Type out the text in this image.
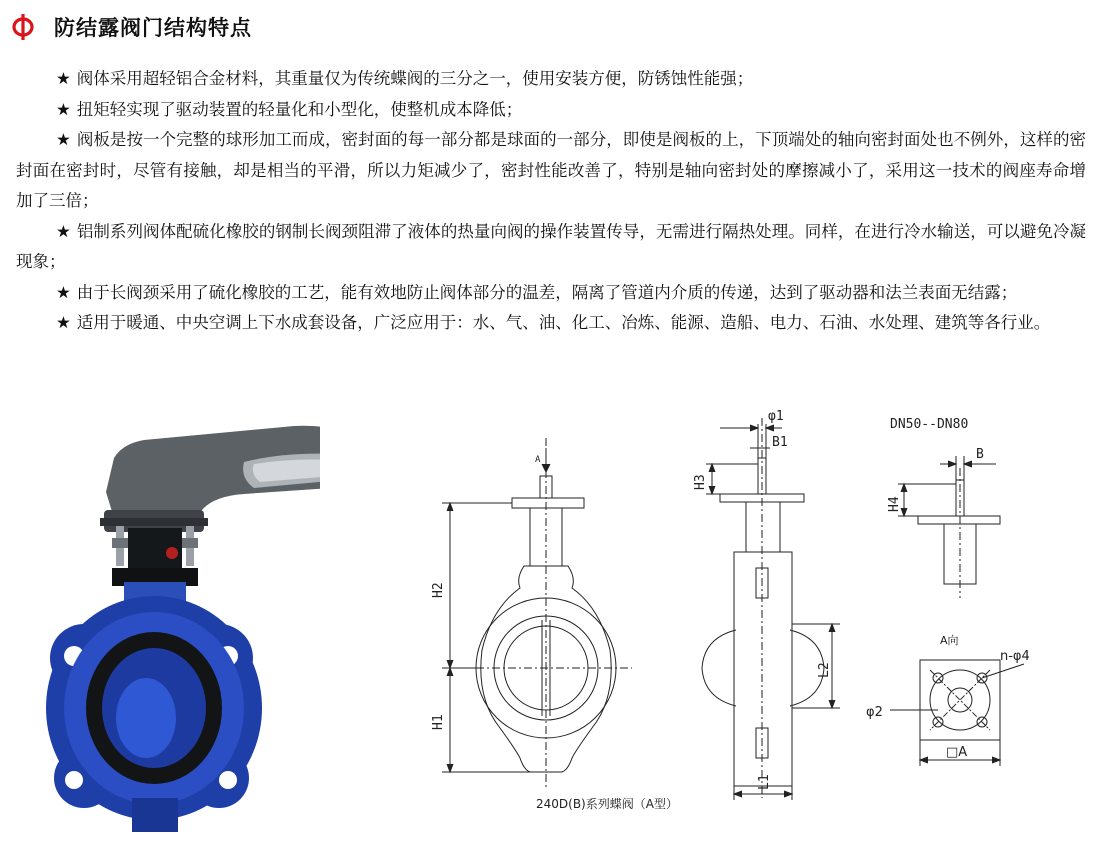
防结露阀门结构特点

★ 阀体采用超轻铝合金材料，其重量仅为传统蝶阀的三分之一，使用安装方便，防锈蚀性能强；

★ 扭矩轻实现了驱动装置的轻量化和小型化，使整机成本降低；

★ 阀板是按一个完整的球形加工而成，密封面的每一部分都是球面的一部分，即使是阀板的上，下顶端处的轴向密封面处也不例外，这样的密封面在密封时，尽管有接触，却是相当的平滑，所以力矩减少了，密封性能改善了，特别是轴向密封处的摩擦减小了，采用这一技术的阀座寿命增加了三倍；

★ 铝制系列阀体配硫化橡胶的钢制长阀颈阻滞了液体的热量向阀的操作装置传导，无需进行隔热处理。同样，在进行冷水输送，可以避免冷凝现象；

★ 由于长阀颈采用了硫化橡胶的工艺，能有效地防止阀体部分的温差，隔离了管道内介质的传递，达到了驱动器和法兰表面无结露；

★ 适用于暖通、中央空调上下水成套设备，广泛应用于：水、气、油、化工、冶炼、能源、造船、电力、石油、水处理、建筑等各行业。

A
H2
H1
φ1
B1
H3
L2
L1
DN50--DN80
B
H4
A向
n-φ4
φ2
□A
240D(B)系列蝶阀（A型）
